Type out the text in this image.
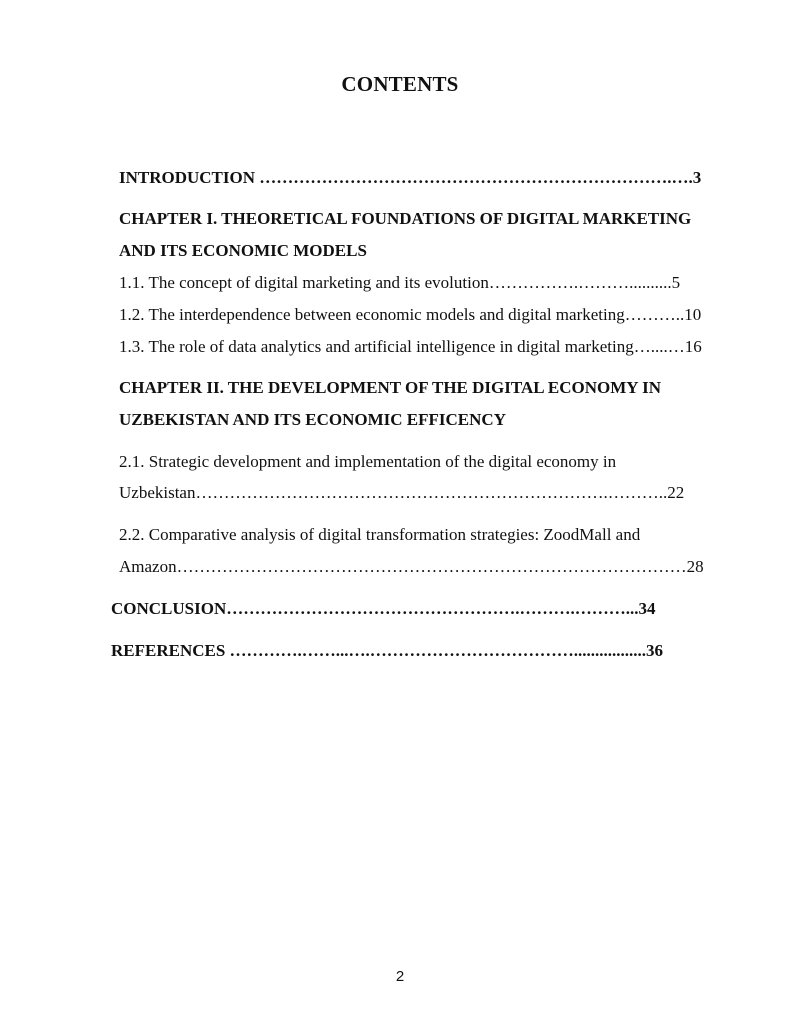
CONTENTS
INTRODUCTION ……………………………………………………………….….3
CHAPTER I. THEORETICAL FOUNDATIONS OF DIGITAL MARKETING
AND ITS ECONOMIC MODELS
1.1. The concept of digital marketing and its evolution…………….………..........5
1.2. The interdependence between economic models and digital marketing………..10
1.3. The role of data analytics and artificial intelligence in digital marketing…....…16
CHAPTER II. THE DEVELOPMENT OF THE DIGITAL ECONOMY IN
UZBEKISTAN AND ITS ECONOMIC EFFICENCY
2.1. Strategic development and implementation of the digital economy in
Uzbekistan……………………………………………………………….………..22
2.2. Comparative analysis of digital transformation strategies: ZoodMall and
Amazon………………………………………………………………………………28
CONCLUSION…………………………………………….……….………...34
REFERENCES ………….……...….……………………………….................36
2
